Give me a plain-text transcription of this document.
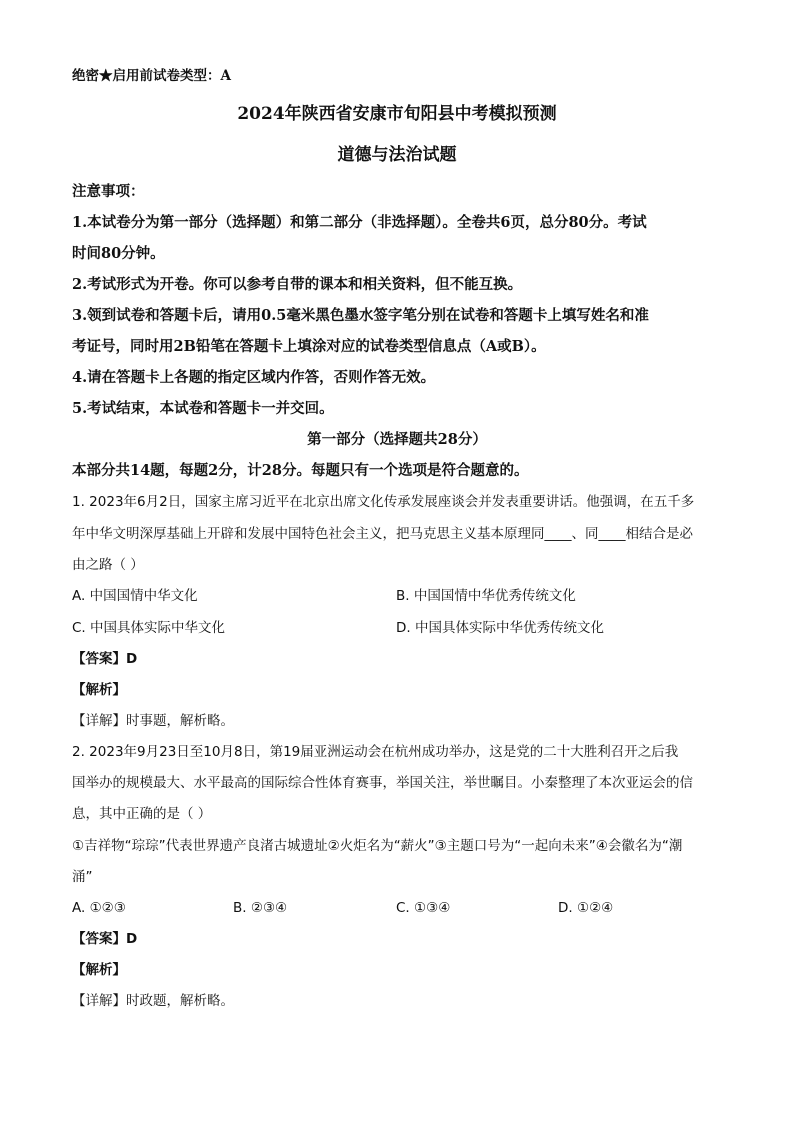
绝密★启用前试卷类型：A
2024年陕西省安康市旬阳县中考模拟预测
道德与法治试题
注意事项：
1.本试卷分为第一部分（选择题）和第二部分（非选择题）。全卷共6页，总分80分。考试
时间80分钟。
2.考试形式为开卷。你可以参考自带的课本和相关资料，但不能互换。
3.领到试卷和答题卡后，请用0.5毫米黑色墨水签字笔分别在试卷和答题卡上填写姓名和准
考证号，同时用2B铅笔在答题卡上填涂对应的试卷类型信息点（A或B）。
4.请在答题卡上各题的指定区域内作答，否则作答无效。
5.考试结束，本试卷和答题卡一并交回。
第一部分（选择题共28分）
本部分共14题，每题2分，计28分。每题只有一个选项是符合题意的。
1. 2023年6月2日，国家主席习近平在北京出席文化传承发展座谈会并发表重要讲话。他强调，在五千多
年中华文明深厚基础上开辟和发展中国特色社会主义，把马克思主义基本原理同____、同____相结合是必
由之路（ ）
A. 中国国情中华文化	B. 中国国情中华优秀传统文化
C. 中国具体实际中华文化	D. 中国具体实际中华优秀传统文化
【答案】D
【解析】
【详解】时事题，解析略。
2. 2023年9月23日至10月8日，第19届亚洲运动会在杭州成功举办，这是党的二十大胜利召开之后我
国举办的规模最大、水平最高的国际综合性体育赛事，举国关注，举世瞩目。小秦整理了本次亚运会的信
息，其中正确的是（ ）
①吉祥物“琮琮”代表世界遗产良渚古城遗址②火炬名为“薪火”③主题口号为“一起向未来”④会徽名为“潮
涌”
A. ①②③	B. ②③④	C. ①③④	D. ①②④
【答案】D
【解析】
【详解】时政题，解析略。
